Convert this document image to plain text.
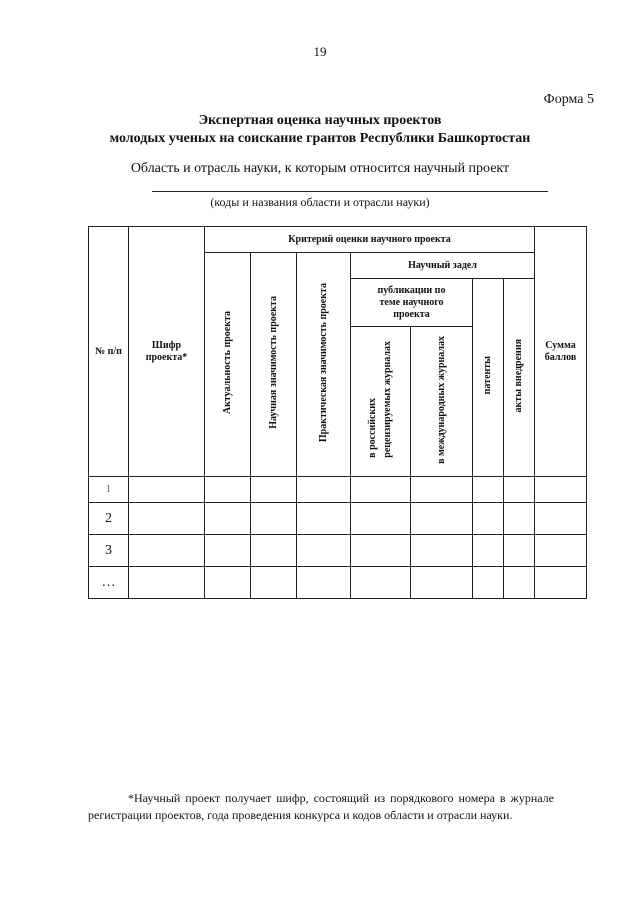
19
Форма 5
Экспертная оценка научных проектов
молодых ученых на соискание грантов Республики Башкортостан
Область и отрасль науки, к которым относится научный проект
(коды и названия области и отрасли науки)
№ п/п	Шифр проекта*	Критерий оценки научного проекта							Сумма баллов
		Актуальность проекта	Научная значимость проекта	Практическая значимость проекта	Научный задел				
					публикации по теме научного проекта		патенты	акты внедрения	
					в российских рецензируемых журналах	в международных журналах			
1									
2									
3									
…									
*Научный проект получает шифр, состоящий из порядкового номера в журнале регистрации проектов, года проведения конкурса и кодов области и отрасли науки.
